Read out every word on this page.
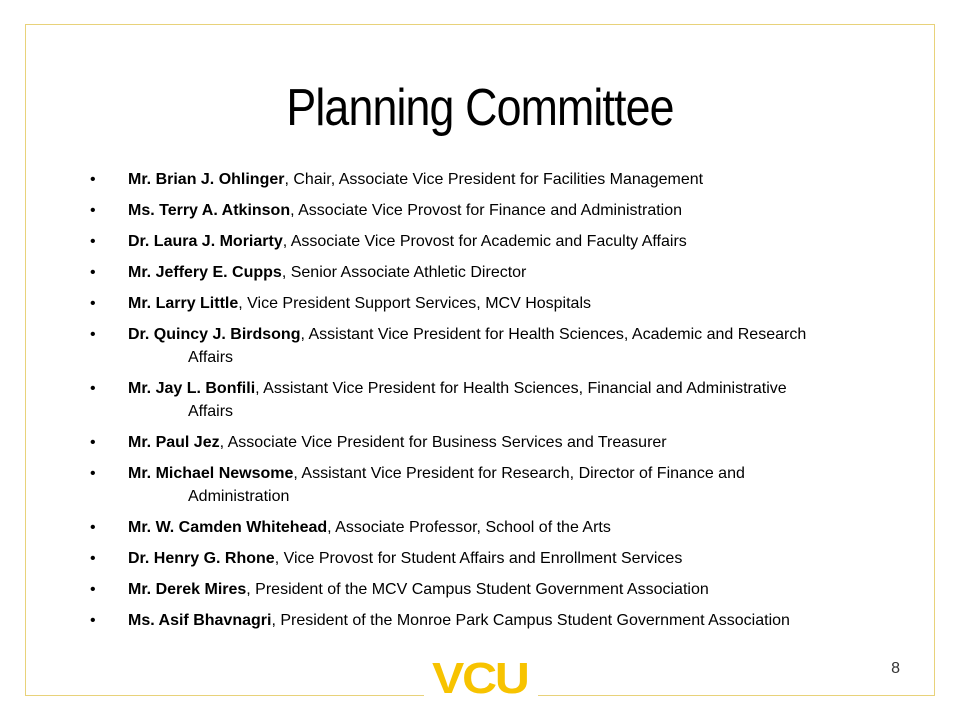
Planning Committee
• Mr. Brian J. Ohlinger, Chair, Associate Vice President for Facilities Management
• Ms. Terry A. Atkinson, Associate Vice Provost for Finance and Administration
• Dr. Laura J. Moriarty, Associate Vice Provost for Academic and Faculty Affairs
• Mr. Jeffery E. Cupps, Senior Associate Athletic Director
• Mr. Larry Little, Vice President Support Services, MCV Hospitals
• Dr. Quincy J. Birdsong, Assistant Vice President for Health Sciences, Academic and Research
Affairs
• Mr. Jay L. Bonfili, Assistant Vice President for Health Sciences, Financial and Administrative
Affairs
• Mr. Paul Jez, Associate Vice President for Business Services and Treasurer
• Mr. Michael Newsome, Assistant Vice President for Research, Director of Finance and
Administration
• Mr. W. Camden Whitehead, Associate Professor, School of the Arts
• Dr. Henry G. Rhone, Vice Provost for Student Affairs and Enrollment Services
• Mr. Derek Mires, President of the MCV Campus Student Government Association
• Ms. Asif Bhavnagri, President of the Monroe Park Campus Student Government Association
VCU	8
